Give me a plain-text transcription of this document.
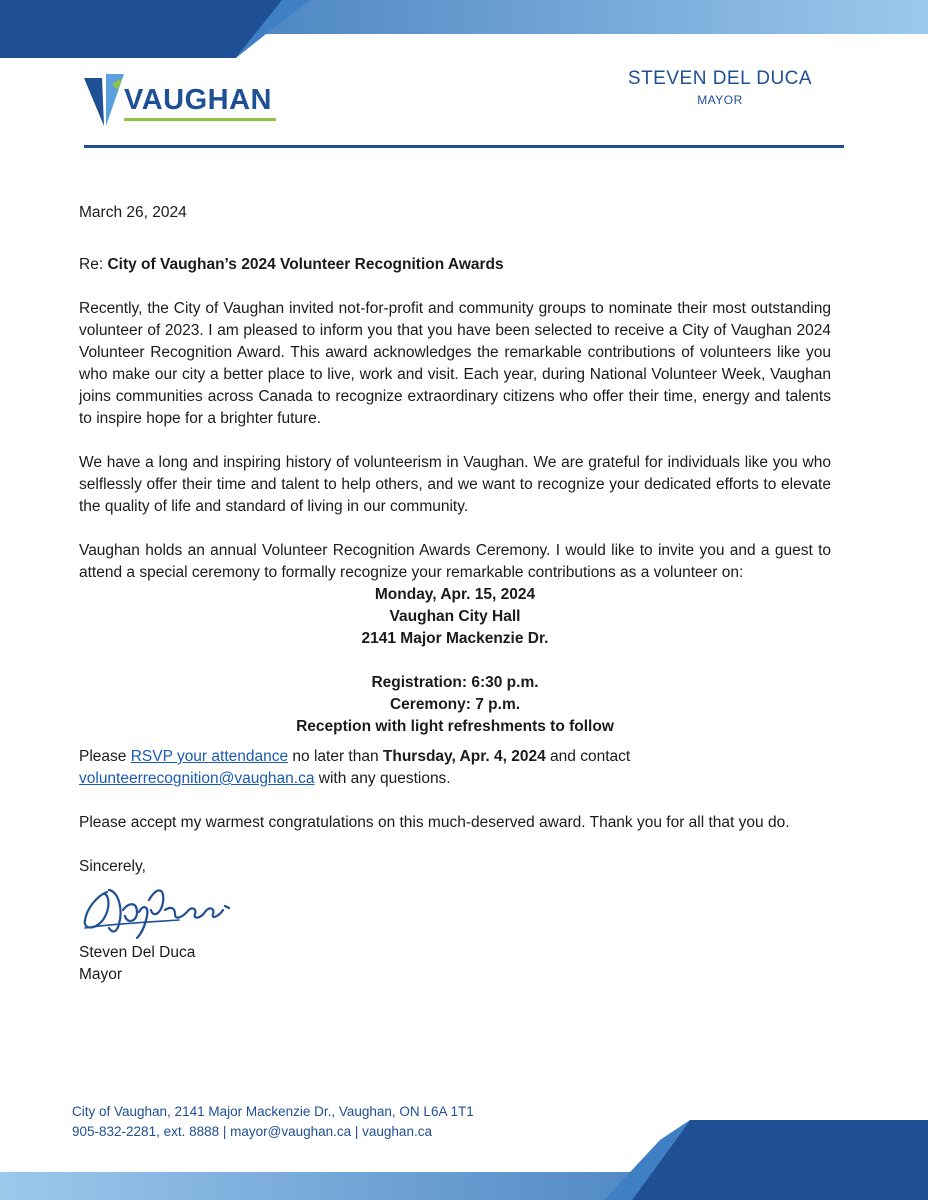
VAUGHAN
STEVEN DEL DUCA
MAYOR

March 26, 2024

Re: City of Vaughan’s 2024 Volunteer Recognition Awards

Recently, the City of Vaughan invited not-for-profit and community groups to nominate their most outstanding volunteer of 2023. I am pleased to inform you that you have been selected to receive a City of Vaughan 2024 Volunteer Recognition Award. This award acknowledges the remarkable contributions of volunteers like you who make our city a better place to live, work and visit. Each year, during National Volunteer Week, Vaughan joins communities across Canada to recognize extraordinary citizens who offer their time, energy and talents to inspire hope for a brighter future.

We have a long and inspiring history of volunteerism in Vaughan. We are grateful for individuals like you who selflessly offer their time and talent to help others, and we want to recognize your dedicated efforts to elevate the quality of life and standard of living in our community.

Vaughan holds an annual Volunteer Recognition Awards Ceremony. I would like to invite you and a guest to attend a special ceremony to formally recognize your remarkable contributions as a volunteer on:

Monday, Apr. 15, 2024
Vaughan City Hall
2141 Major Mackenzie Dr.
Registration: 6:30 p.m.
Ceremony: 7 p.m.
Reception with light refreshments to follow

Please RSVP your attendance no later than Thursday, Apr. 4, 2024 and contact
volunteerrecognition@vaughan.ca with any questions.

Please accept my warmest congratulations on this much-deserved award. Thank you for all that you do.

Sincerely,

Steven Del Duca

Mayor

City of Vaughan, 2141 Major Mackenzie Dr., Vaughan, ON L6A 1T1
905-832-2281, ext. 8888 | mayor@vaughan.ca | vaughan.ca
